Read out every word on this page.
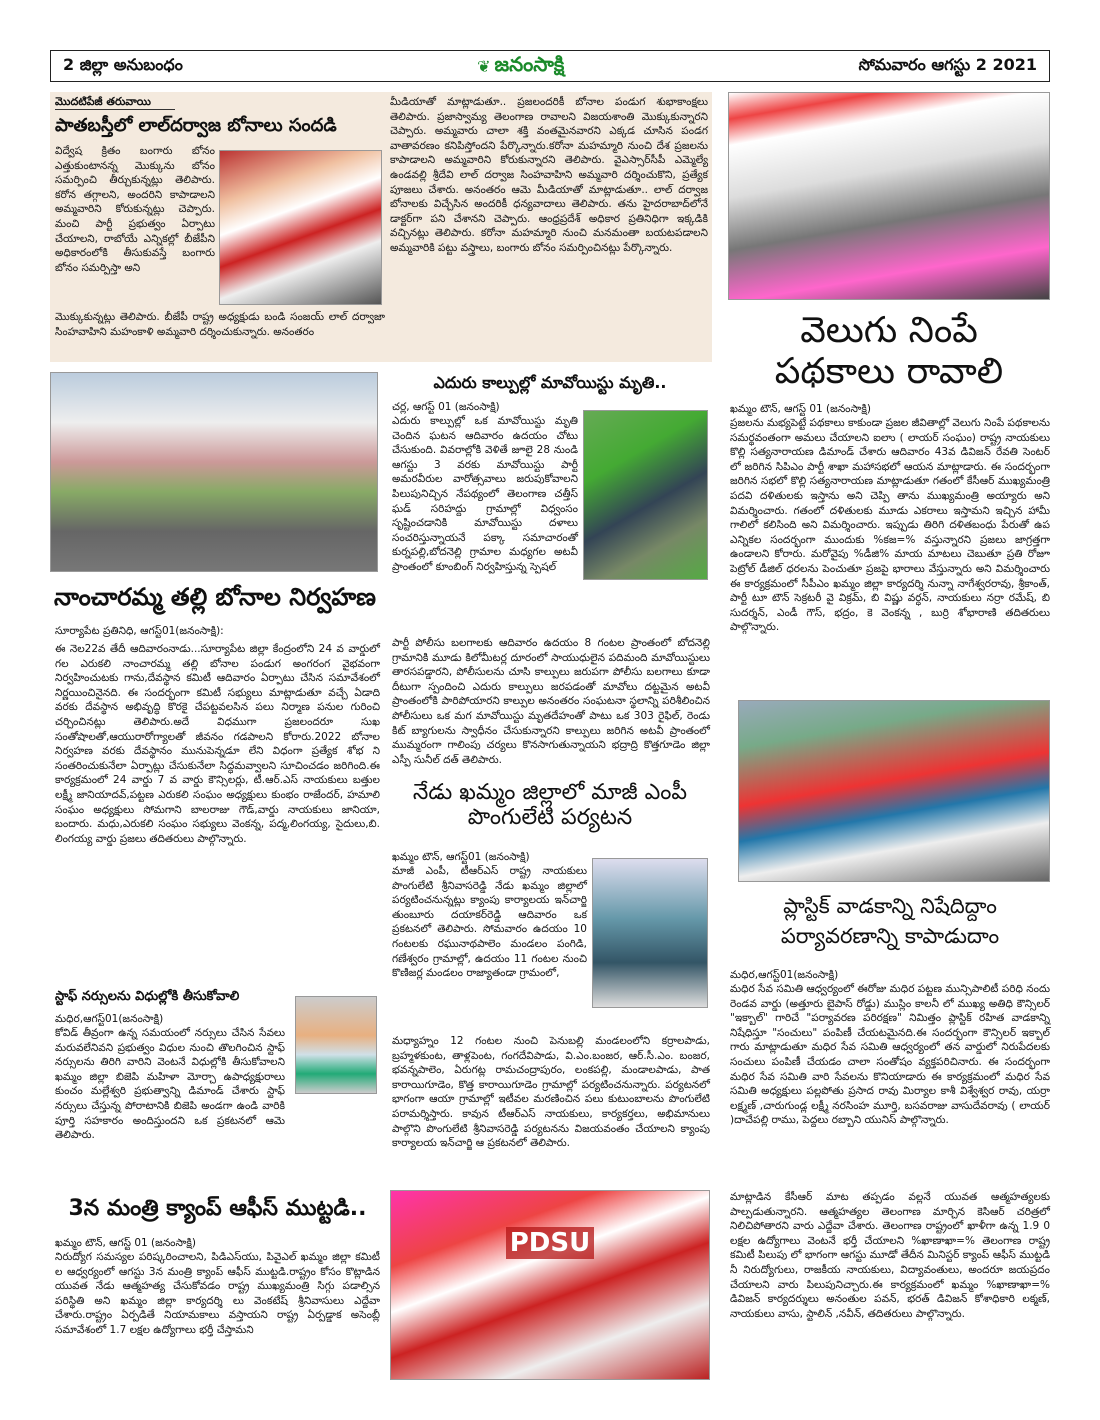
2 జిల్లా అనుబంధం	❦ జనంసాక్షి	సోమవారం ఆగస్టు 2 2021
మొదటిపేజీ తరువాయి
పాతబస్తీలో లాల్‌దర్వాజ బోనాలు సందడి
విద్వేష క్రితం బంగారు బోనం ఎత్తుకుంటానన్న మొక్కును బోనం సమర్పించి తీర్చుకున్నట్లు తెలిపారు. కరోన తగ్గాలని, అందరిని కాపాడాలని అమ్మవారిని కోరుకున్నట్లు చెప్పారు. మంచి పార్టీ ప్రభుత్వం ఏర్పాటు చేయాలని, రాబోయే ఎన్నికల్లో బీజేపీని అధికారంలోకి తీసుకువస్తే బంగారు బోనం సమర్పిస్తా అని
మొక్కుకున్నట్లు తెలిపారు. బీజేపీ రాష్ట్ర అధ్యక్షుడు బండి సంజయ్ లాల్ దర్వాజా సింహవాహిని మహంకాళి అమ్మవారి దర్శించుకున్నారు. అనంతరం
మీడియాతో మాట్లాడుతూ.. ప్రజలందరికీ బోనాల పండుగ శుభాకాంక్షలు తెలిపారు. ప్రజాస్వామ్య తెలంగాణ రావాలని విజయశాంతి మొక్కుకున్నారని చెప్పారు. అమ్మవారు చాలా శక్తి వంతమైనవారని ఎక్కడ చూసిన పండగ వాతావరణం కనిపిస్తోందని పేర్కొన్నారు.కరోనా మహమ్మారి నుంచి దేశ ప్రజలను కాపాడాలని అమ్మవారిని కోరుకున్నారని తెలిపారు. వైఎస్సార్‌సీపీ ఎమ్మెల్యే ఉండవల్లి శ్రీదేవి లాల్ దర్వాజ సింహవాహిని అమ్మవారి దర్శించుకొని, ప్రత్యేక పూజలు చేశారు. అనంతరం ఆమె మీడియాతో మాట్లాడుతూ.. లాల్ దర్వాజ బోనాలకు విచ్చేసిన అందరికీ ధన్యవాదాలు తెలిపారు. తను హైదరాబాద్‌లోనే డాక్టర్‌గా పని చేశానని చెప్పారు. ఆంధ్రప్రదేశ్ అధికార ప్రతినిధిగా ఇక్కడికి వచ్చినట్లు తెలిపారు. కరోనా మహమ్మారి నుంచి మనమంతా బయటపడాలని అమ్మవారికి పట్టు వస్త్రాలు, బంగారు బోనం సమర్పించినట్లు పేర్కొన్నారు.
వెలుగు నింపే
పథకాలు రావాలి
ఖమ్మం టౌన్, ఆగస్ట్ 01 (జనంసాక్షి)
ప్రజలను మభ్యపెట్టే పథకాలు కాకుండా ప్రజల జీవితాల్లో వెలుగు నింపే పథకాలను సమర్థవంతంగా అమలు చేయాలని ఐలాు ( లాయర్ సంఘం) రాష్ట్ర నాయకులు కొల్లి సత్యనారాయణ డిమాండ్ చేశారు ఆదివారం 43వ డివిజన్ రేవతి సెంటర్ లో జరిగిన సిపిఎం పార్టీ శాఖా మహాసభలో ఆయన మాట్లాడారు. ఈ సందర్భంగా జరిగిన సభలో కొల్లి సత్యనారాయణ మాట్లాడుతూ గతంలో కేసీఆర్ ముఖ్యమంత్రి పదవి దళితులకు ఇస్తాను అని చెప్పి తాను ముఖ్యమంత్రి అయ్యారు అని విమర్శించారు. గతంలో దళితులకు మూడు ఎకరాలు ఇస్తామని ఇచ్చిన హామీ గాలిలో కలిసింది అని విమర్శించారు. ఇప్పుడు తిరిగి దళితబంధు పేరుతో ఉప ఎన్నికల సందర్భంగా ముందుకు %కజ=% వస్తున్నారని ప్రజలు జాగ్రత్తగా ఉండాలని కోరారు. మరోవైపు %డీజి% మాయ మాటలు చెబుతూ ప్రతి రోజూ పెట్రోల్ డీజిల్ ధరలను పెంచుతూ ప్రజపై భారాలు వేస్తున్నారు అని విమర్శించారు ఈ కార్యక్రమంలో సీపీఎం ఖమ్మం జిల్లా కార్యదర్శి నున్నా నాగేశ్వరరావు, శ్రీకాంత్, పార్టీ టూ టౌన్ సెక్రటరీ వై విక్రమ్, బి విష్ణు వర్ధన్, నాయకులు నర్రా రమేష్, బి సుదర్శన్, ఎండీ గౌస్, భద్రం, కె వెంకన్న , బుర్రి శోభారాణి తదితరులు పాల్గొన్నారు.
నాంచారమ్మ తల్లి బోనాల నిర్వహణ
సూర్యాపేట ప్రతినిధి, ఆగస్ట్01(జనంసాక్షి):
ఈ నెల22వ తేదీ ఆదివారంనాడు...సూర్యాపేట జిల్లా కేంద్రంలోని 24 వ వార్డులో గల ఎరుకలి నాంచారమ్మ తల్లి బోనాల పండుగ అంగరంగ వైభవంగా నిర్వహించుటకు గాను,దేవస్థాన కమిటీ ఆదివారం ఏర్పాటు చేసిన సమావేశంలో నిర్ణయించినైనది. ఈ సందర్భంగా కమిటీ సభ్యులు మాట్లాడుతూ వచ్చే ఏడాది వరకు దేవస్థాన అభివృద్ధి కొరకై చేపట్టవలసిన పలు నిర్మాణ పనుల గురించి చర్చించినట్లు తెలిపారు.అదే విధముగా ప్రజలందరూ సుఖ సంతోషాలతో,ఆయురారోగ్యాలతో జీవనం గడపాలని కోరారు.2022 బోనాల నిర్వహణ వరకు దేవస్థానం మునుపెన్నడూ లేని విధంగా ప్రత్యేక శోభ ని సంతరించుకునేలా ఏర్పాట్లు చేసుకునేలా సిద్ధమవ్వాలని సూచించడం జరిగింది.ఈ కార్యక్రమంలో 24 వార్డు 7 వ వార్డు కౌన్సిలర్లు, టీ.ఆర్.ఎస్ నాయకులు బత్తుల లక్ష్మీ జానియాదవ్,పట్టణ ఎరుకలి సంఘం అధ్యక్షులు కుంభం రాజేందర్, హమాలి సంఘం అధ్యక్షులు సోమగాని బాలరాజు గౌడ్,వార్డు నాయకులు జానియా, బందారు. మధు,ఎరుకలి సంఘం సభ్యులు వెంకన్న, పద్మ,లింగయ్య, సైదులు,బి. లింగయ్య వార్డు ప్రజలు తదితరులు పాల్గొన్నారు.
స్టాఫ్ నర్సులను విధుల్లోకి తీసుకోవాలి
మధిర,ఆగస్ట్01(జనంసాక్షి)
కోవిడ్ తీవ్రంగా ఉన్న సమయంలో నర్సులు చేసిన సేవలు మరువలేనివని ప్రభుత్వం విధుల నుంచి తొలగించిన స్టాఫ్ నర్సులను తిరిగి వారిని వెంటనే విధుల్లోకి తీసుకోవాలని ఖమ్మం జిల్లా బిజెపి మహిళా మోర్చా ఉపాధ్యక్షురాలు కుంచం మల్లేశ్వరి ప్రభుత్వాన్ని డిమాండ్ చేశారు స్టాఫ్ నర్సులు చేస్తున్న పోరాటానికి బిజెపి అండగా ఉండి వారికి పూర్తి సహకారం అందిస్తుందని ఒక ప్రకటనలో ఆమె తెలిపారు.
3న మంత్రి క్యాంప్ ఆఫీస్ ముట్టడి..
ఖమ్మం టౌన్, ఆగస్ట్ 01 (జనంసాక్షి)
నిరుద్యోగ సమస్యల పరిష్కరించాలని, పిడిఎస్‌యు, పివైఎల్ ఖమ్మం జిల్లా కమిటీ ల ఆధ్వర్యంలో ఆగస్టు 3న మంత్రి క్యాంప్ ఆఫీస్ ముట్టడి.రాష్ట్రం కోసం కొట్లాడిన యువత నేడు ఆత్మహత్య చేసుకోవడం రాష్ట్ర ముఖ్యమంత్రి సిగ్గు పడాల్సిన పరిస్థితి అని ఖమ్మం జిల్లా కార్యదర్శి లు వెంకటేష్ శ్రీనివాసులు ఎద్దేవా చేశారు.రాష్ట్రం ఏర్పడితే నియామకాలు వస్తాయని రాష్ట్ర ఏర్పడ్డాక అసెంబ్లీ సమావేశంలో 1.7 లక్షల ఉద్యోగాలు భర్తీ చేస్తామని
ఎదురు కాల్పుల్లో మావోయిస్టు మృతి..
చర్ల, ఆగస్ట్ 01 (జనంసాక్షి)
ఎదురు కాల్పుల్లో ఒక మావోయిస్టు మృతి చెందిన ఘటన ఆదివారం ఉదయం చోటు చేసుకుంది. వివరాల్లోకి వెళితే జూలై 28 నుండి ఆగస్టు 3 వరకు మావోయిస్టు పార్టీ అమరవీరుల వారోత్సవాలు జరుపుకోవాలని పిలుపునిచ్చిన నేపథ్యంలో తెలంగాణ చత్తీస్ ఘడ్ సరిహద్దు గ్రామాల్లో విధ్వంసం సృష్టించడానికి మావోయిస్టు దళాలు సంచరిస్తున్నాయనే పక్కా సమాచారంతో కుర్నపల్లి,బోదనెల్లి గ్రామాల మధ్యగల అటవీ ప్రాంతంలో కూంబింగ్ నిర్వహిస్తున్న స్పెషల్
పార్టీ పోలీసు బలగాలకు ఆదివారం ఉదయం 8 గంటల ప్రాంతంలో బోదనెల్లి గ్రామానికి మూడు కిలోమీటర్ల దూరంలో సాయుధులైన పదిమంది మావోయిస్టులు తారసపడ్డారని, పోలీసులను చూసి కాల్పులు జరుపగా పోలీసు బలగాలు కూడా దీటుగా స్పందించి ఎదురు కాల్పులు జరపడంతో మావోలు దట్టమైన అటవీ ప్రాంతంలోకి పారిపోయారని కాల్పుల అనంతరం సంఘటనా స్థలాన్ని పరిశీలించిన పోలీసులు ఒక మగ మావోయిస్టు మృతదేహంతో పాటు ఒక 303 రైఫిల్, రెండు కిట్ బ్యాగులను స్వాధీనం చేసుకున్నారని కాల్పులు జరిగిన అటవీ ప్రాంతంలో ముమ్మరంగా గాలింపు చర్యలు కొనసాగుతున్నాయని భద్రాద్రి కొత్తగూడెం జిల్లా ఎస్పీ సునీల్ దత్ తెలిపారు.
నేడు ఖమ్మం జిల్లాలో మాజీ ఎంపీ పొంగులేటి పర్యటన
ఖమ్మం టౌన్, ఆగస్ట్01 (జనంసాక్షి)
మాజీ ఎంపీ, టీఆర్ఎస్ రాష్ట్ర నాయకులు పొంగులేటి శ్రీనివాసరెడ్డి నేడు ఖమ్మం జిల్లాలో పర్యటించనున్నట్లు క్యాంపు కార్యాలయ ఇన్‌చార్జి తుంబూరు దయాకర్‌రెడ్డి ఆదివారం ఒక ప్రకటనలో తెలిపారు. సోమవారం ఉదయం 10 గంటలకు రఘునాథపాలెం మండలం పంగిడి, గణేశ్వరం గ్రామాల్లో, ఉదయం 11 గంటల నుంచి కొణిజర్ల మండలం రాజ్యాతండా గ్రామంలో,
మధ్యాహ్నం 12 గంటల నుంచి పెనుబల్లి మండలంలోని కర్రాలపాడు, బ్రహ్మళకుంట, తాళ్లపెంట, గంగదేవిపాడు, వి.ఎం.బంజర, ఆర్.సీ.ఎం. బంజర, భవన్నపాలెం, ఏరుగట్ల రామచంద్రాపురం, లంకపల్లి, మండాలపాడు, పాత కారాయిగూడెం, కొత్త కారాయిగూడెం గ్రామాల్లో పర్యటించనున్నారు. పర్యటనలో భాగంగా ఆయా గ్రామాల్లో ఇటీవల మరణించిన పలు కుటుంబాలను పొంగులేటి పరామర్శిస్తారు. కావున టీఆర్ఎస్ నాయకులు, కార్యకర్తలు, అభిమానులు పాల్గొని పొంగులేటి శ్రీనివాసరెడ్డి పర్యటనను విజయవంతం చేయాలని క్యాంపు కార్యాలయ ఇన్‌చార్జి ఆ ప్రకటనలో తెలిపారు.
PDSU
ప్లాస్టిక్ వాడకాన్ని నిషేదిద్దాం
పర్యావరణాన్ని కాపాడుదాం
మధిర,ఆగస్ట్01(జనంసాక్షి)
మధిర సేవ సమితి ఆధ్వర్యంలో ఈరోజు మధిర పట్టణ మున్సిపాలిటీ పరిధి నందు రెండవ వార్డు (అత్తూరు బైపాస్ రోడ్డు) ముస్లిం కాలనీ లో ముఖ్య అతిధి కౌన్సిలర్ "ఇక్బాల్" గారిచే "పర్యావరణ పరిరక్షణ" నిమిత్తం ప్లాస్టిక్ రహిత వాడకాన్ని నిషేధిస్తూ "సంచులు" పంపిణీ చేయటమైనది.ఈ సందర్భంగా కౌన్సిలర్ ఇక్బాల్ గారు మాట్లాడుతూ మధిర సేవ సమితి ఆధ్వర్యంలో తన వార్డులో నిరుపేదలకు సంచులు పంపిణీ చేయడం చాలా సంతోషం వ్యక్తపరిచినారు. ఈ సందర్భంగా మధిర సేవ సమితి వారి సేవలను కొనియాడారు ఈ కార్యక్రమంలో మధిర సేవ సమితి అధ్యక్షులు పల్లపోతు ప్రసాద రావు మిర్యాల కాశీ విశ్వేశ్వర రావు, యర్రా లక్ష్మణ్ ,చారుగుండ్ల లక్ష్మీ నరసింహ మూర్తి, బసవరాజు వాసుదేవరావు ( లాయర్ )దాచేపల్లి రాము, పెద్దలు రబ్బాని యునిస్ పాల్గొన్నారు.
మాట్లాడిన కేసీఆర్ మాట తప్పడం వల్లనే యువత ఆత్మహత్యలకు పాల్పడుతున్నారని. ఆత్మహత్యల తెలంగాణ మార్చిన కెసిఆర్ చరిత్రలో నిలిచిపోతారని వారు ఎద్దేవా చేశారు. తెలంగాణ రాష్ట్రంలో ఖాళీగా ఉన్న 1.9 0 లక్షల ఉద్యోగాలు వెంటనే భర్తీ చేయాలని %ఖాణాఖా=% తెలంగాణ రాష్ట్ర కమిటీ పిలుపు లో భాగంగా ఆగస్టు మూడో తేదీన మినిస్టర్ క్యాంప్ ఆఫీస్ ముట్టడి నీ నిరుద్యోగులు, రాజకీయ నాయకులు, విద్యావంతులు, అందరూ జయప్రదం చేయాలని వారు పిలుపునిచ్చారు.ఈ కార్యక్రమంలో ఖమ్మం %ఖాణాఖా=% డివిజన్ కార్యదర్శులు అనంతుల పవన్, భరత్ డివిజన్ కోశాధికారి లక్మణ్, నాయకులు వాసు, స్టాలిన్ ,నవీన్, తదితరులు పాల్గొన్నారు.
